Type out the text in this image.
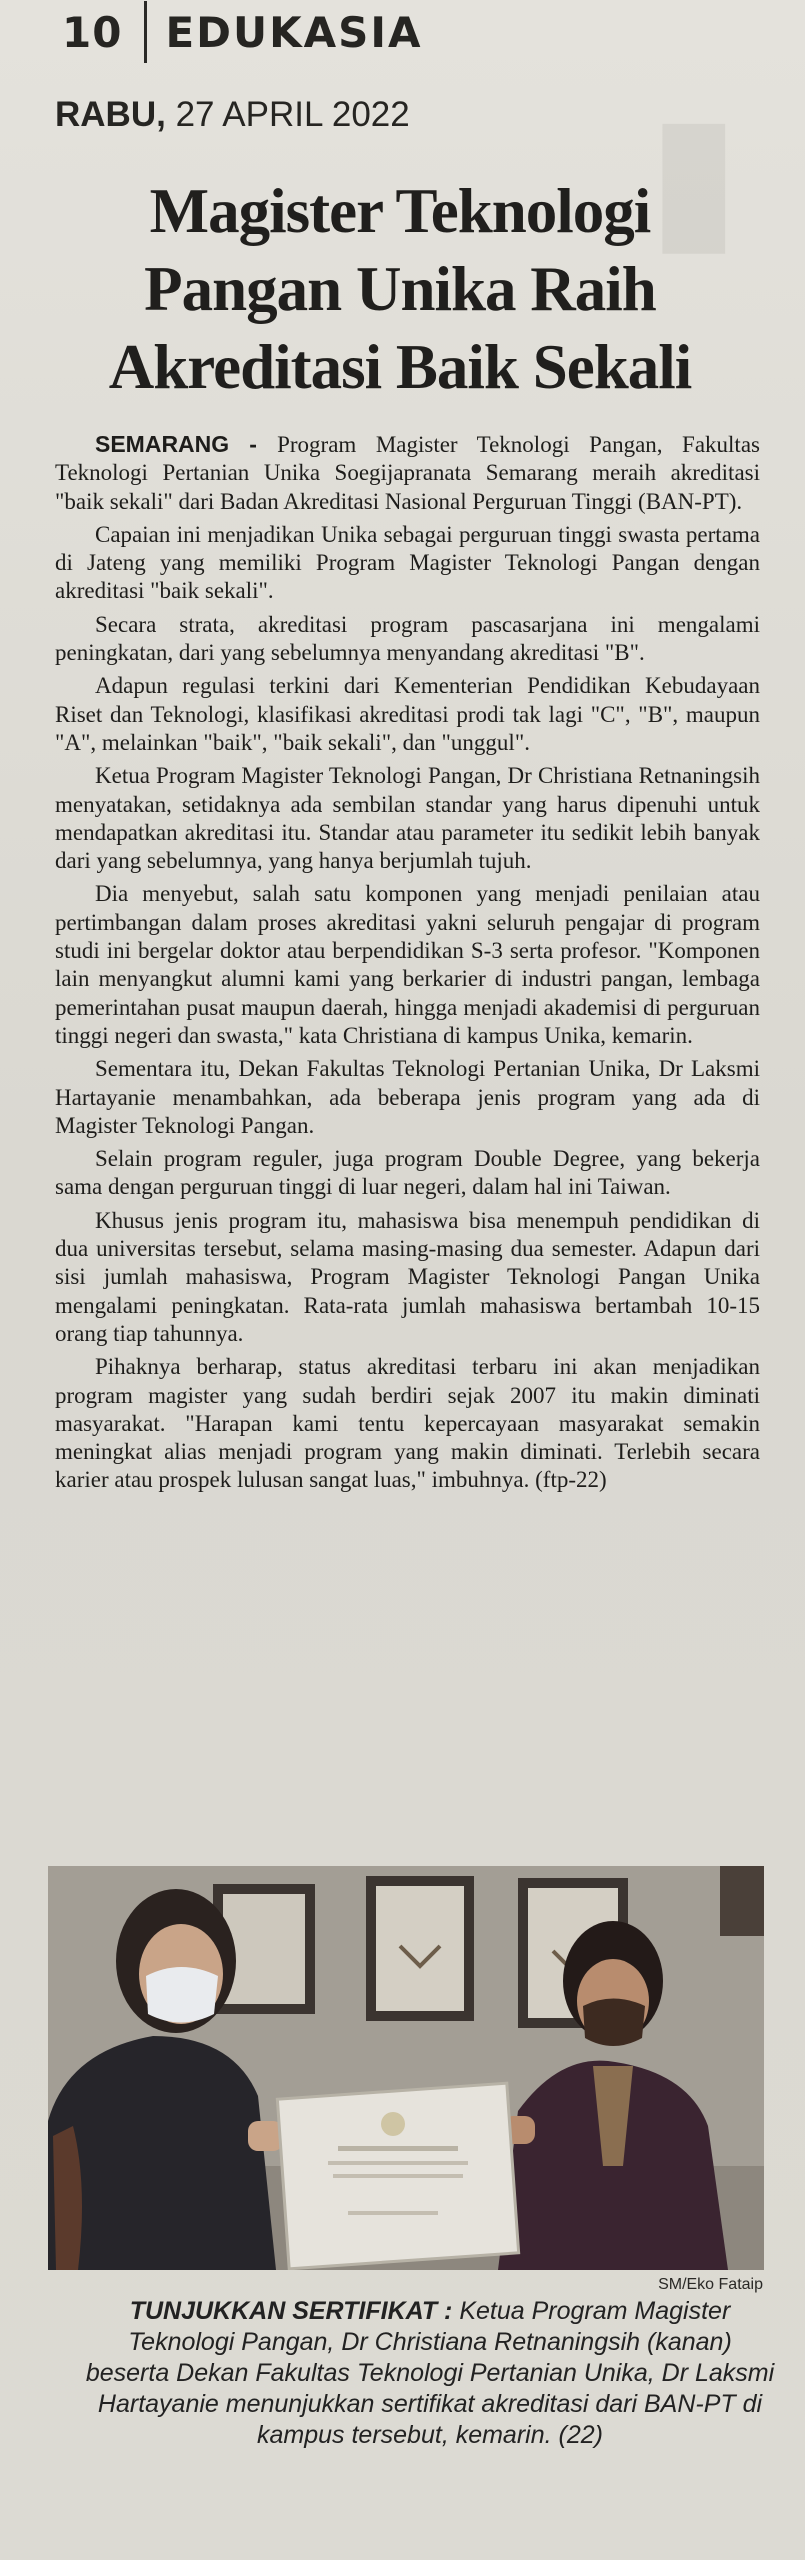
▮
10 EDUKASIA
RABU, 27 APRIL 2022
Magister Teknologi
Pangan Unika Raih
Akreditasi Baik Sekali

SEMARANG - Program Magister Teknologi Pangan, Fakultas Teknologi Pertanian Unika Soegijapranata Semarang meraih akreditasi "baik sekali" dari Badan Akreditasi Nasional Perguruan Tinggi (BAN-PT).

Capaian ini menjadikan Unika sebagai perguruan tinggi swasta pertama di Jateng yang memiliki Program Magister Teknologi Pangan dengan akreditasi "baik sekali".

Secara strata, akreditasi program pascasarjana ini mengalami peningkatan, dari yang sebelumnya menyandang akreditasi "B".

Adapun regulasi terkini dari Kementerian Pendidikan Kebudayaan Riset dan Teknologi, klasifikasi akreditasi prodi tak lagi "C", "B", maupun "A", melainkan "baik", "baik sekali", dan "unggul".

Ketua Program Magister Teknologi Pangan, Dr Christiana Retnaningsih menyatakan, setidaknya ada sembilan standar yang harus dipenuhi untuk mendapatkan akreditasi itu. Standar atau parameter itu sedikit lebih banyak dari yang sebelumnya, yang hanya berjumlah tujuh.

Dia menyebut, salah satu komponen yang menjadi penilaian atau pertimbangan dalam proses akreditasi yakni seluruh pengajar di program studi ini bergelar doktor atau berpendidikan S-3 serta profesor. "Komponen lain menyangkut alumni kami yang berkarier di industri pangan, lembaga pemerintahan pusat maupun daerah, hingga menjadi akademisi di perguruan tinggi negeri dan swasta," kata Christiana di kampus Unika, kemarin.

Sementara itu, Dekan Fakultas Teknologi Pertanian Unika, Dr Laksmi Hartayanie menambahkan, ada beberapa jenis program yang ada di Magister Teknologi Pangan.

Selain program reguler, juga program Double Degree, yang bekerja sama dengan perguruan tinggi di luar negeri, dalam hal ini Taiwan.

Khusus jenis program itu, mahasiswa bisa menempuh pendidikan di dua universitas tersebut, selama masing-masing dua semester. Adapun dari sisi jumlah mahasiswa, Program Magister Teknologi Pangan Unika mengalami peningkatan. Rata-rata jumlah mahasiswa bertambah 10-15 orang tiap tahunnya.

Pihaknya berharap, status akreditasi terbaru ini akan menjadikan program magister yang sudah berdiri sejak 2007 itu makin diminati masyarakat. "Harapan kami tentu kepercayaan masyarakat semakin meningkat alias menjadi program yang makin diminati. Terlebih secara karier atau prospek lulusan sangat luas," imbuhnya. (ftp-22)

SM/Eko Fataip
TUNJUKKAN SERTIFIKAT : Ketua Program Magister Teknologi Pangan, Dr Christiana Retnaningsih (kanan) beserta Dekan Fakultas Teknologi Pertanian Unika, Dr Laksmi Hartayanie menunjukkan sertifikat akreditasi dari BAN-PT di kampus tersebut, kemarin. (22)
